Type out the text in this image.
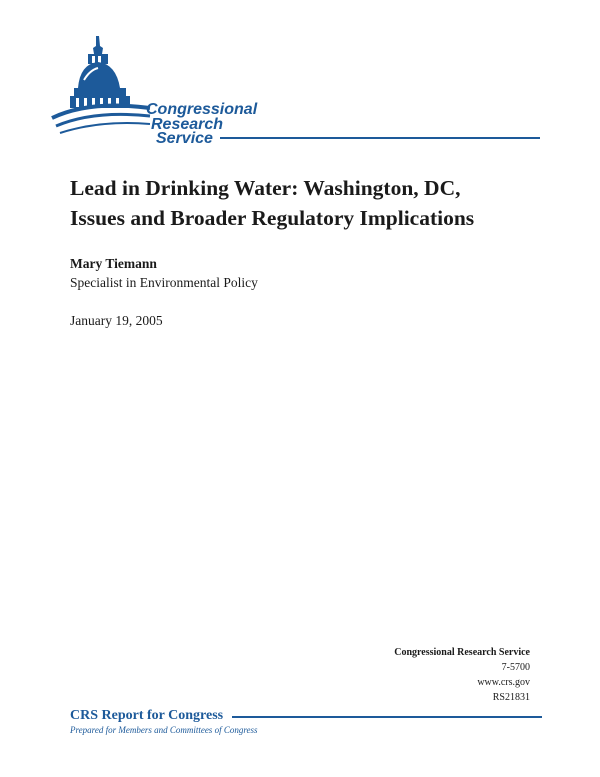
Congressional
Research
Service
Lead in Drinking Water: Washington, DC,
Issues and Broader Regulatory Implications
Mary Tiemann
Specialist in Environmental Policy
January 19, 2005
Congressional Research Service
7-5700
www.crs.gov
RS21831
CRS Report for Congress
Prepared for Members and Committees of Congress
